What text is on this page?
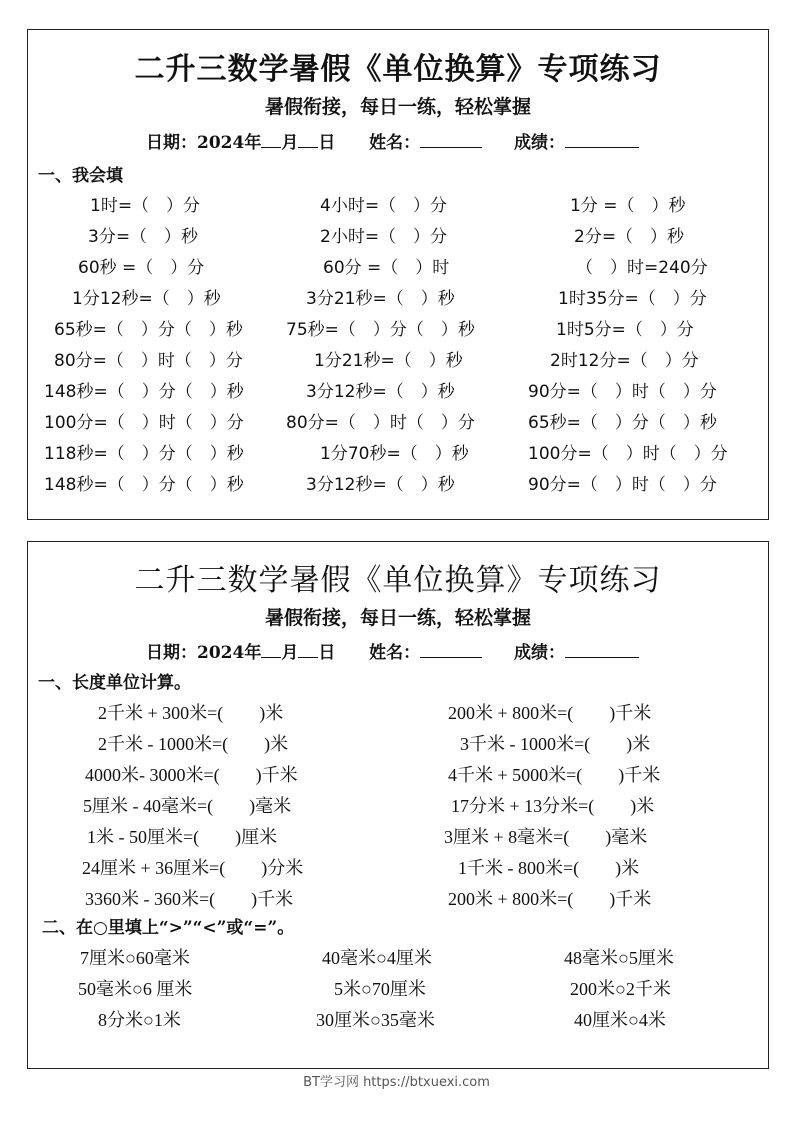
二升三数学暑假《单位换算》专项练习
暑假衔接，每日一练，轻松掌握
日期：2024年 月 日 姓名：	成绩：
一、我会填
1时=（　）分	4小时=（　）分	1分 =（　）秒
3分=（　）秒	2小时=（　）分	2分=（　）秒
60秒 =（　）分	60分 =（　）时	（　）时=240分
1分12秒=（　）秒	3分21秒=（　）秒	1时35分=（　）分
65秒=（　）分（　）秒	75秒=（　）分（　）秒	1时5分=（　）分
80分=（　）时（　）分	1分21秒=（　）秒	2时12分=（　）分
148秒=（　）分（　）秒	3分12秒=（　）秒	90分=（　）时（　）分
100分=（　）时（　）分 80分=（　）时（　）分	65秒=（　）分（　）秒
118秒=（　）分（　）秒	1分70秒=（　）秒	100分=（　）时（　）分
148秒=（　）分（　）秒	3分12秒=（　）秒	90分=（　）时（　）分
二升三数学暑假《单位换算》专项练习
暑假衔接，每日一练，轻松掌握
日期：2024年 月 日 姓名：	成绩：
一、长度单位计算。
2千米 + 300米=(　　)米	200米 + 800米=(　　)千米
2千米 - 1000米=(　　)米	3千米 - 1000米=(　　)米
4000米- 3000米=(　　)千米	4千米 + 5000米=(　　)千米
5厘米 - 40毫米=(　　)毫米	17分米 + 13分米=(　　)米
1米 - 50厘米=(　　)厘米	3厘米 + 8毫米=(　　)毫米
24厘米 + 36厘米=(　　)分米	1千米 - 800米=(　　)米
3360米 - 360米=(　　)千米	200米 + 800米=(　　)千米
二、在○里填上“>”“<”或“=”。
7厘米○60毫米	40毫米○4厘米	48毫米○5厘米
50毫米○6 厘米	5米○70厘米	200米○2千米
8分米○1米	30厘米○35毫米	40厘米○4米
BT学习网 https://btxuexi.com
